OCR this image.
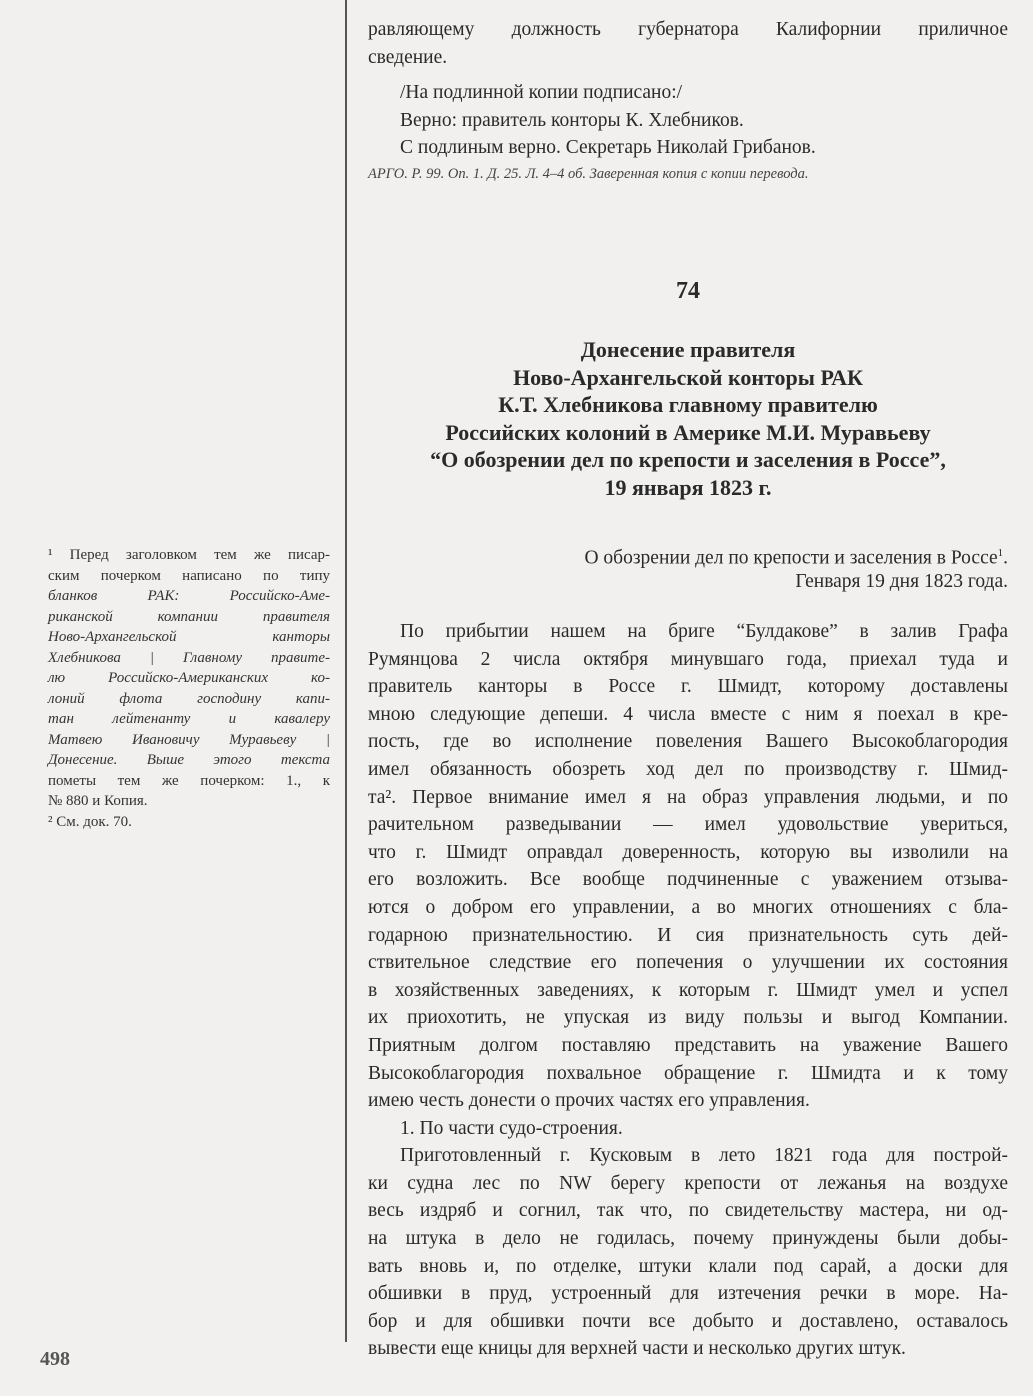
равляющему должность губернатора Калифорнии приличное
сведение.
/На подлинной копии подписано:/
Верно: правитель конторы К. Хлебников.
С подлиным верно. Секретарь Николай Грибанов.
АРГО. Р. 99. Оп. 1. Д. 25. Л. 4–4 об. Заверенная копия с копии перевода.
74
Донесение правителя
Ново-Архангельской конторы РАК
К.Т. Хлебникова главному правителю
Российских колоний в Америке М.И. Муравьеву
“О обозрении дел по крепости и заселения в Россе”,
19 января 1823 г.
О обозрении дел по крепости и заселения в Россе$^1$.
Генваря 19 дня 1823 года.
По прибытии нашем на бриге “Булдакове” в залив Графа
Румянцова 2 числа октября минувшаго года, приехал туда и
правитель канторы в Россе г. Шмидт, которому доставлены
мною следующие депеши. 4 числа вместе с ним я поехал в кре-
пость, где во исполнение повеления Вашего Высокоблагородия
имел обязанность обозреть ход дел по производству г. Шмид-
та². Первое внимание имел я на образ управления людьми, и по
рачительном разведывании — имел удовольствие увериться,
что г. Шмидт оправдал доверенность, которую вы изволили на
его возложить. Все вообще подчиненные с уважением отзыва-
ются о добром его управлении, а во многих отношениях с бла-
годарною признательностию. И сия признательность суть дей-
ствительное следствие его попечения о улучшении их состояния
в хозяйственных заведениях, к которым г. Шмидт умел и успел
их приохотить, не упуская из виду пользы и выгод Компании.
Приятным долгом поставляю представить на уважение Вашего
Высокоблагородия похвальное обращение г. Шмидта и к тому
имею честь донести о прочих частях его управления.
1. По части судо-строения.
Приготовленный г. Кусковым в лето 1821 года для построй-
ки судна лес по NW берегу крепости от лежанья на воздухе
весь издряб и согнил, так что, по свидетельству мастера, ни од-
на штука в дело не годилась, почему принуждены были добы-
вать вновь и, по отделке, штуки клали под сарай, а доски для
обшивки в пруд, устроенный для изтечения речки в море. На-
бор и для обшивки почти все добыто и доставлено, оставалось
вывести еще кницы для верхней части и несколько других штук.
¹ Перед заголовком тем же писар-
ским почерком написано по типу
бланков РАК: Российско-Аме-
риканской компании правителя
Ново-Архангельской канторы
Хлебникова | Главному правите-
лю Российско-Американских ко-
лоний флота господину капи-
тан лейтенанту и кавалеру
Матвею Ивановичу Муравьеву |
Донесение. Выше этого текста
пометы тем же почерком: 1., к
№ 880 и Копия.
² См. док. 70.
498
